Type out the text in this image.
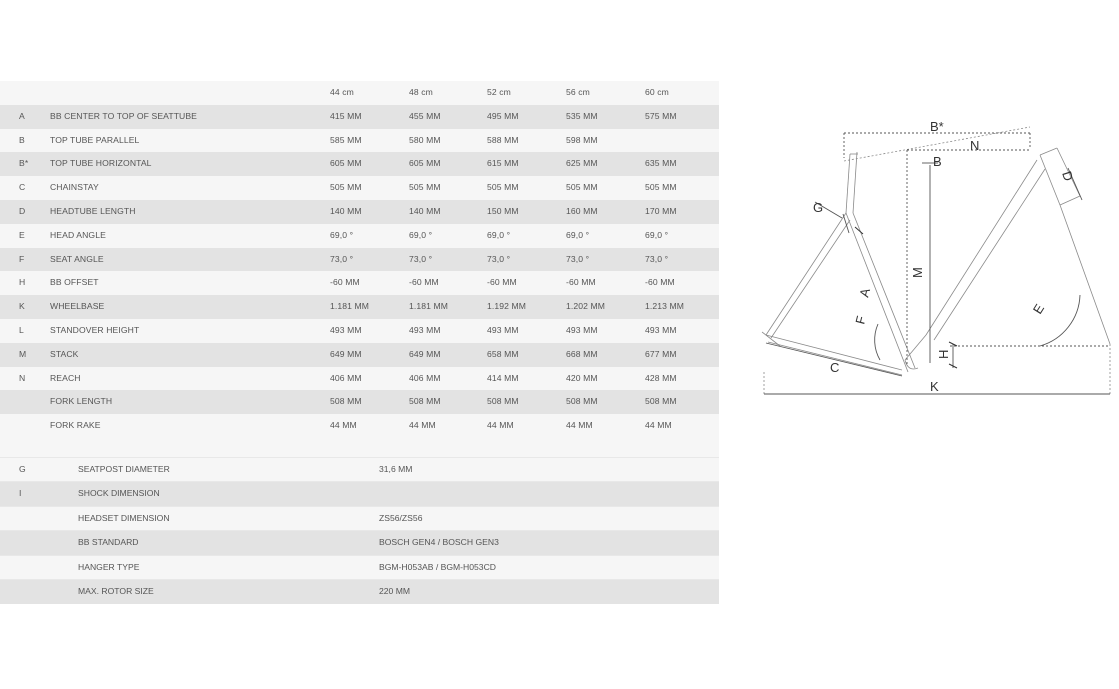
44 cm	48 cm	52 cm	56 cm	60 cm
A	BB CENTER TO TOP OF SEATTUBE	415 MM	455 MM	495 MM	535 MM	575 MM
B	TOP TUBE PARALLEL	585 MM	580 MM	588 MM	598 MM
B*	TOP TUBE HORIZONTAL	605 MM	605 MM	615 MM	625 MM	635 MM
C	CHAINSTAY	505 MM	505 MM	505 MM	505 MM	505 MM
D	HEADTUBE LENGTH	140 MM	140 MM	150 MM	160 MM	170 MM
E	HEAD ANGLE	69,0 °	69,0 °	69,0 °	69,0 °	69,0 °
F	SEAT ANGLE	73,0 °	73,0 °	73,0 °	73,0 °	73,0 °
H	BB OFFSET	-60 MM	-60 MM	-60 MM	-60 MM	-60 MM
K	WHEELBASE	1.181 MM	1.181 MM	1.192 MM	1.202 MM	1.213 MM
L	STANDOVER HEIGHT	493 MM	493 MM	493 MM	493 MM	493 MM
M	STACK	649 MM	649 MM	658 MM	668 MM	677 MM
N	REACH	406 MM	406 MM	414 MM	420 MM	428 MM
FORK LENGTH	508 MM	508 MM	508 MM	508 MM	508 MM
FORK RAKE	44 MM	44 MM	44 MM	44 MM	44 MM
G	SEATPOST DIAMETER	31,6 MM
I	SHOCK DIMENSION
HEADSET DIMENSION	ZS56/ZS56
BB STANDARD	BOSCH GEN4 / BOSCH GEN3
HANGER TYPE	BGM-H053AB / BGM-H053CD
MAX. ROTOR SIZE	220 MM
B*
B
N
D
G
M
A
F
E
H
C
K
